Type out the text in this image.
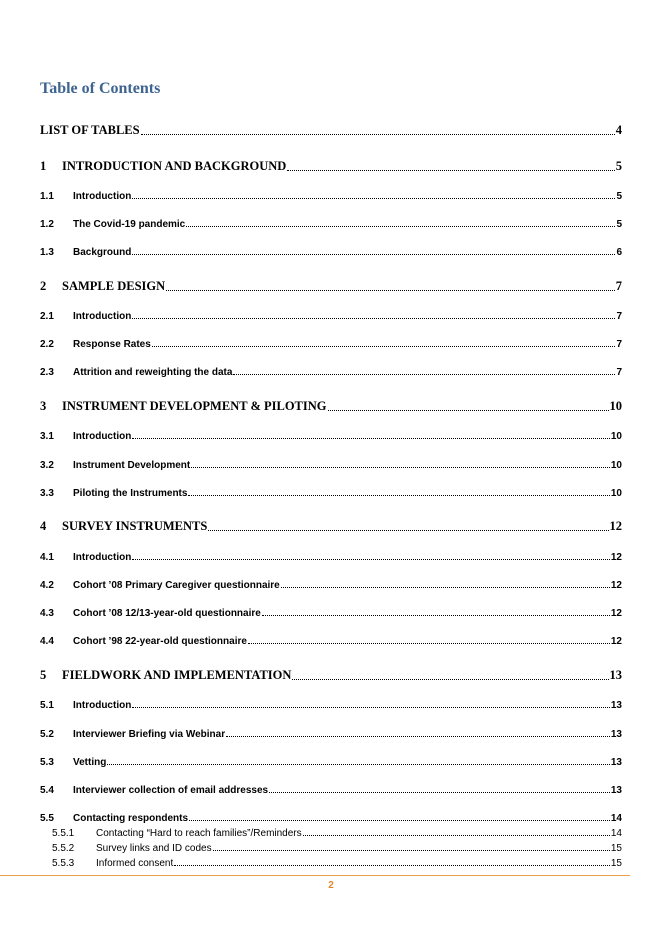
Table of Contents
LIST OF TABLES	4
1	INTRODUCTION AND BACKGROUND	5
1.1	Introduction	5
1.2	The Covid-19 pandemic	5
1.3	Background	6
2	SAMPLE DESIGN	7
2.1	Introduction	7
2.2	Response Rates	7
2.3	Attrition and reweighting the data	7
3	INSTRUMENT DEVELOPMENT & PILOTING	10
3.1	Introduction	10
3.2	Instrument Development	10
3.3	Piloting the Instruments	10
4	SURVEY INSTRUMENTS	12
4.1	Introduction	12
4.2	Cohort ’08 Primary Caregiver questionnaire	12
4.3	Cohort ’08 12/13-year-old questionnaire	12
4.4	Cohort ’98 22-year-old questionnaire	12
5	FIELDWORK AND IMPLEMENTATION	13
5.1	Introduction	13
5.2	Interviewer Briefing via Webinar	13
5.3	Vetting	13
5.4	Interviewer collection of email addresses	13
5.5	Contacting respondents	14
5.5.1	Contacting “Hard to reach families”/Reminders	14
5.5.2	Survey links and ID codes	15
5.5.3	Informed consent	15
2
